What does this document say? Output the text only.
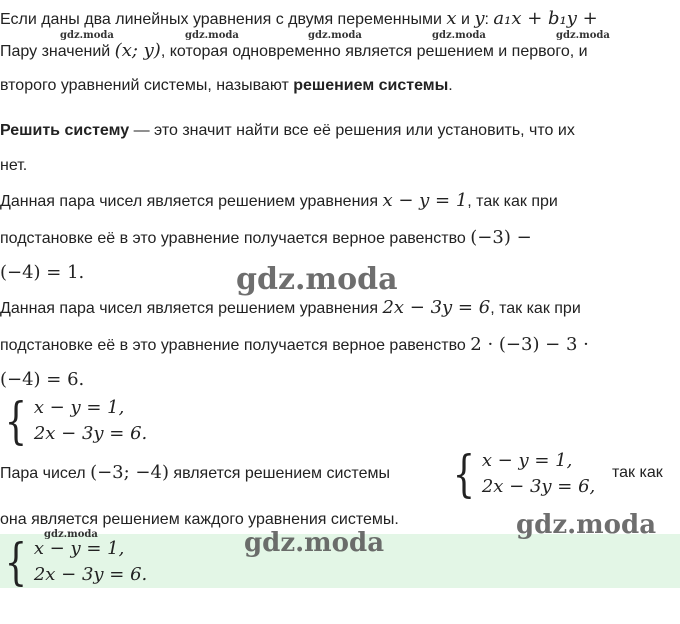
Если даны два линейных уравнения с двумя переменными x и y: a₁x + b₁y +
Пару значений (x; y), которая одновременно является решением и первого, и
второго уравнений системы, называют решением системы.
Решить систему — это значит найти все её решения или установить, что их
нет.
Данная пара чисел является решением уравнения x − y = 1, так как при
подстановке её в это уравнение получается верное равенство (−3) −
(−4) = 1.
Данная пара чисел является решением уравнения 2x − 3y = 6, так как при
подстановке её в это уравнение получается верное равенство 2 · (−3) − 3 ·
(−4) = 6.
{ x − y = 1,
2x − 3y = 6.
Пара чисел (−3; −4) является решением системы { x − y = 1,
2x − 3y = 6,
так как
она является решением каждого уравнения системы.
{ x − y = 1,
2x − 3y = 6.
gdz.moda	gdz.moda	gdz.moda	gdz.moda	gdz.moda
gdz.moda
gdz.moda
gdz.moda
gdz.moda
